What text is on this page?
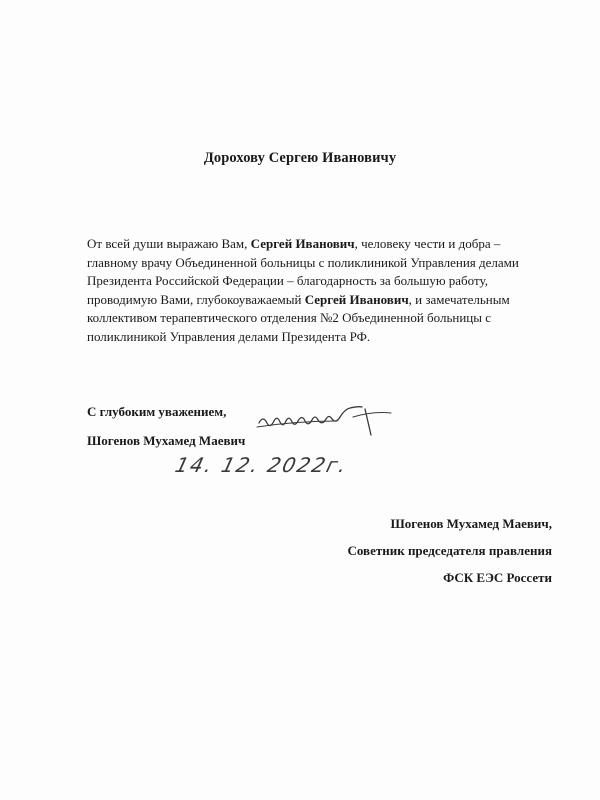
Дорохову Сергею Ивановичу
От всей души выражаю Вам, Сергей Иванович, человеку чести и добра – главному врачу Объединенной больницы с поликлиникой Управления делами Президента Российской Федерации – благодарность за большую работу, проводимую Вами, глубокоуважаемый Сергей Иванович, и замечательным коллективом терапевтического отделения №2 Объединенной больницы с поликлиникой Управления делами Президента РФ.
С глубоким уважением,
Шогенов Мухамед Маевич
14. 12. 2022г.
Шогенов Мухамед Маевич,
Советник председателя правления
ФСК ЕЭС Россети
